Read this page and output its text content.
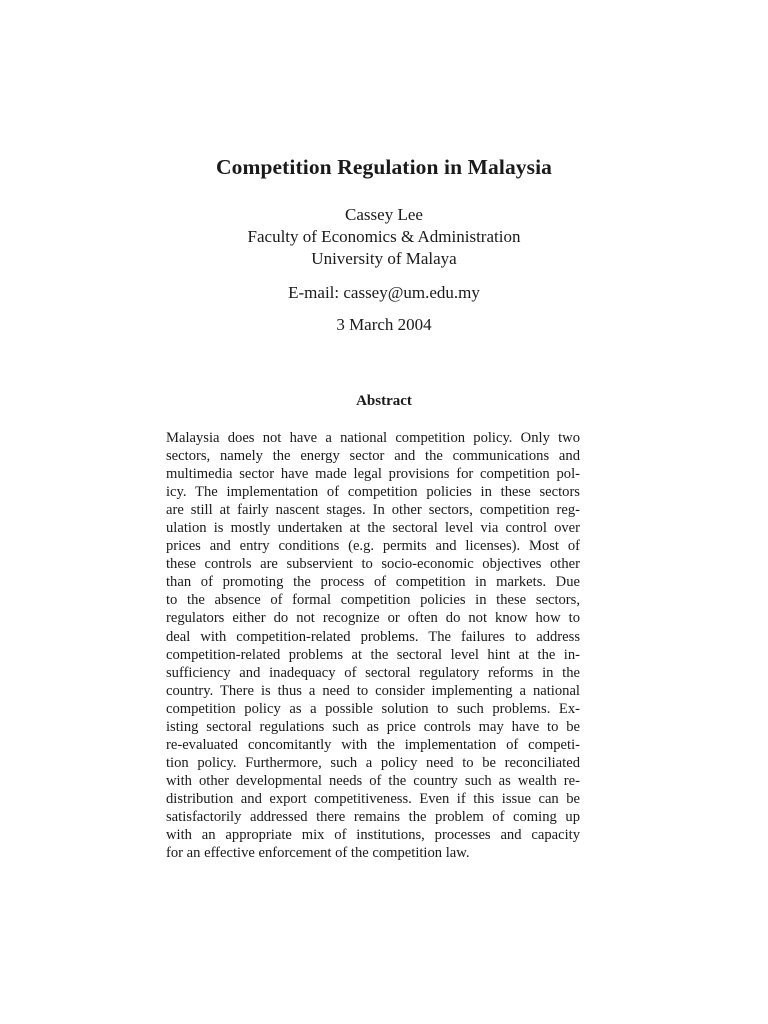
Competition Regulation in Malaysia
Cassey Lee
Faculty of Economics & Administration
University of Malaya
E-mail: cassey@um.edu.my
3 March 2004
Abstract
Malaysia does not have a national competition policy. Only two
sectors, namely the energy sector and the communications and
multimedia sector have made legal provisions for competition pol-
icy. The implementation of competition policies in these sectors
are still at fairly nascent stages. In other sectors, competition reg-
ulation is mostly undertaken at the sectoral level via control over
prices and entry conditions (e.g. permits and licenses). Most of
these controls are subservient to socio-economic objectives other
than of promoting the process of competition in markets. Due
to the absence of formal competition policies in these sectors,
regulators either do not recognize or often do not know how to
deal with competition-related problems. The failures to address
competition-related problems at the sectoral level hint at the in-
sufficiency and inadequacy of sectoral regulatory reforms in the
country. There is thus a need to consider implementing a national
competition policy as a possible solution to such problems. Ex-
isting sectoral regulations such as price controls may have to be
re-evaluated concomitantly with the implementation of competi-
tion policy. Furthermore, such a policy need to be reconciliated
with other developmental needs of the country such as wealth re-
distribution and export competitiveness. Even if this issue can be
satisfactorily addressed there remains the problem of coming up
with an appropriate mix of institutions, processes and capacity
for an effective enforcement of the competition law.
